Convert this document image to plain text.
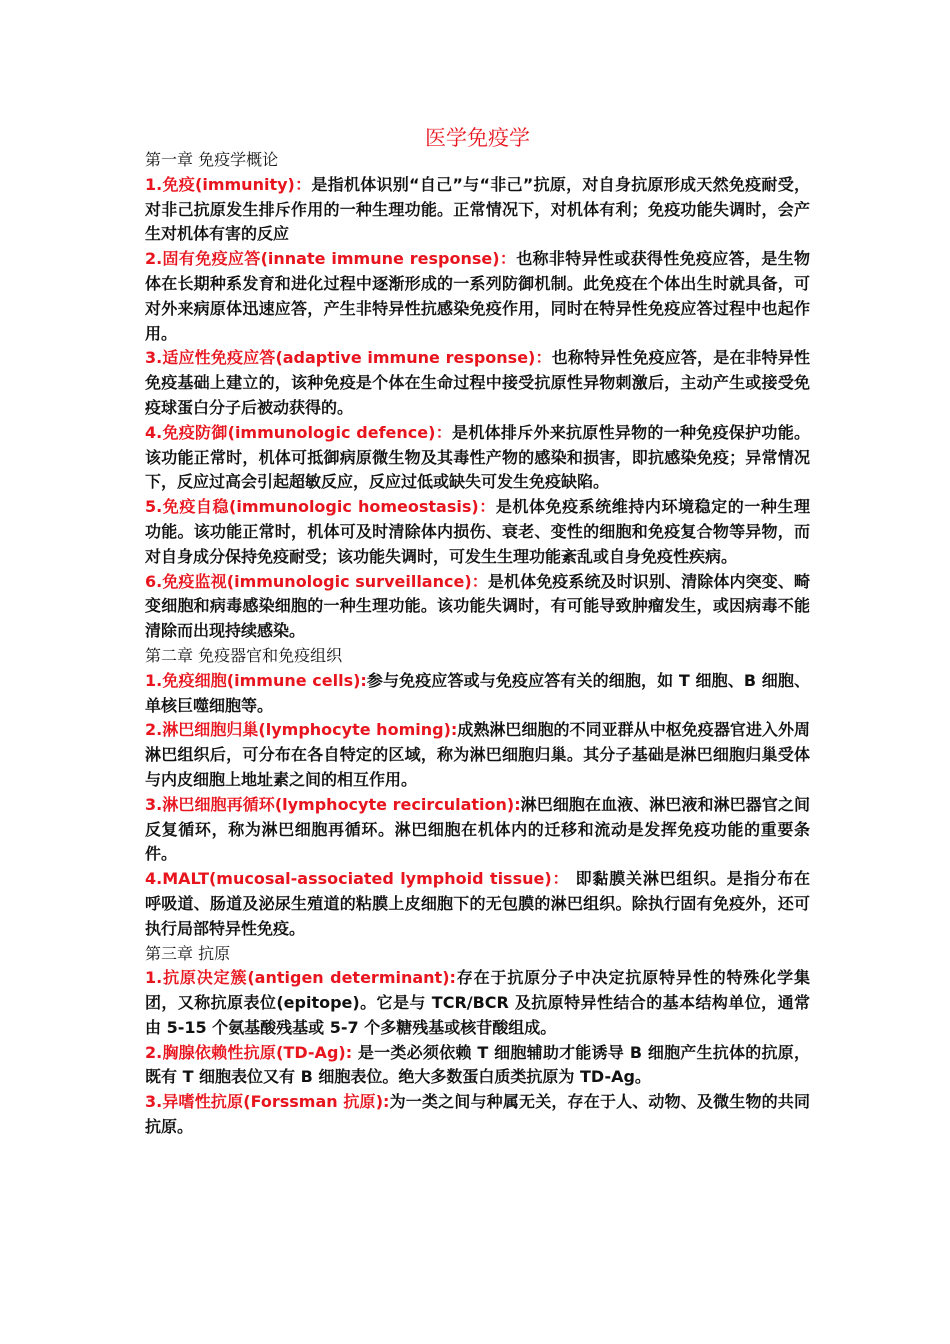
医学免疫学
第一章 免疫学概论
1.免疫(immunity)：是指机体识别“自己”与“非己”抗原，对自身抗原形成天然免疫耐受，对非己抗原发生排斥作用的一种生理功能。正常情况下，对机体有利；免疫功能失调时，会产生对机体有害的反应
2.固有免疫应答(innate immune response)：也称非特异性或获得性免疫应答，是生物体在长期种系发育和进化过程中逐渐形成的一系列防御机制。此免疫在个体出生时就具备，可对外来病原体迅速应答，产生非特异性抗感染免疫作用，同时在特异性免疫应答过程中也起作用。
3.适应性免疫应答(adaptive immune response)：也称特异性免疫应答，是在非特异性免疫基础上建立的，该种免疫是个体在生命过程中接受抗原性异物刺激后，主动产生或接受免疫球蛋白分子后被动获得的。
4.免疫防御(immunologic defence)：是机体排斥外来抗原性异物的一种免疫保护功能。该功能正常时，机体可抵御病原微生物及其毒性产物的感染和损害，即抗感染免疫；异常情况下，反应过高会引起超敏反应，反应过低或缺失可发生免疫缺陷。
5.免疫自稳(immunologic homeostasis)：是机体免疫系统维持内环境稳定的一种生理功能。该功能正常时，机体可及时清除体内损伤、衰老、变性的细胞和免疫复合物等异物，而对自身成分保持免疫耐受；该功能失调时，可发生生理功能紊乱或自身免疫性疾病。
6.免疫监视(immunologic surveillance)：是机体免疫系统及时识别、清除体内突变、畸变细胞和病毒感染细胞的一种生理功能。该功能失调时，有可能导致肿瘤发生，或因病毒不能清除而出现持续感染。
第二章 免疫器官和免疫组织
1.免疫细胞(immune cells):参与免疫应答或与免疫应答有关的细胞，如 T 细胞、B 细胞、单核巨噬细胞等。
2.淋巴细胞归巢(lymphocyte homing):成熟淋巴细胞的不同亚群从中枢免疫器官进入外周淋巴组织后，可分布在各自特定的区域，称为淋巴细胞归巢。其分子基础是淋巴细胞归巢受体与内皮细胞上地址素之间的相互作用。
3.淋巴细胞再循环(lymphocyte recirculation):淋巴细胞在血液、淋巴液和淋巴器官之间反复循环，称为淋巴细胞再循环。淋巴细胞在机体内的迁移和流动是发挥免疫功能的重要条件。
4.MALT(mucosal-associated lymphoid tissue)： 即黏膜关淋巴组织。是指分布在呼吸道、肠道及泌尿生殖道的粘膜上皮细胞下的无包膜的淋巴组织。除执行固有免疫外，还可执行局部特异性免疫。
第三章 抗原
1.抗原决定簇(antigen determinant):存在于抗原分子中决定抗原特异性的特殊化学集团，又称抗原表位(epitope)。它是与 TCR/BCR 及抗原特异性结合的基本结构单位，通常由 5-15 个氨基酸残基或 5-7 个多糖残基或核苷酸组成。
2.胸腺依赖性抗原(TD-Ag): 是一类必须依赖 T 细胞辅助才能诱导 B 细胞产生抗体的抗原，既有 T 细胞表位又有 B 细胞表位。绝大多数蛋白质类抗原为 TD-Ag。
3.异嗜性抗原(Forssman 抗原):为一类之间与种属无关，存在于人、动物、及微生物的共同抗原。
